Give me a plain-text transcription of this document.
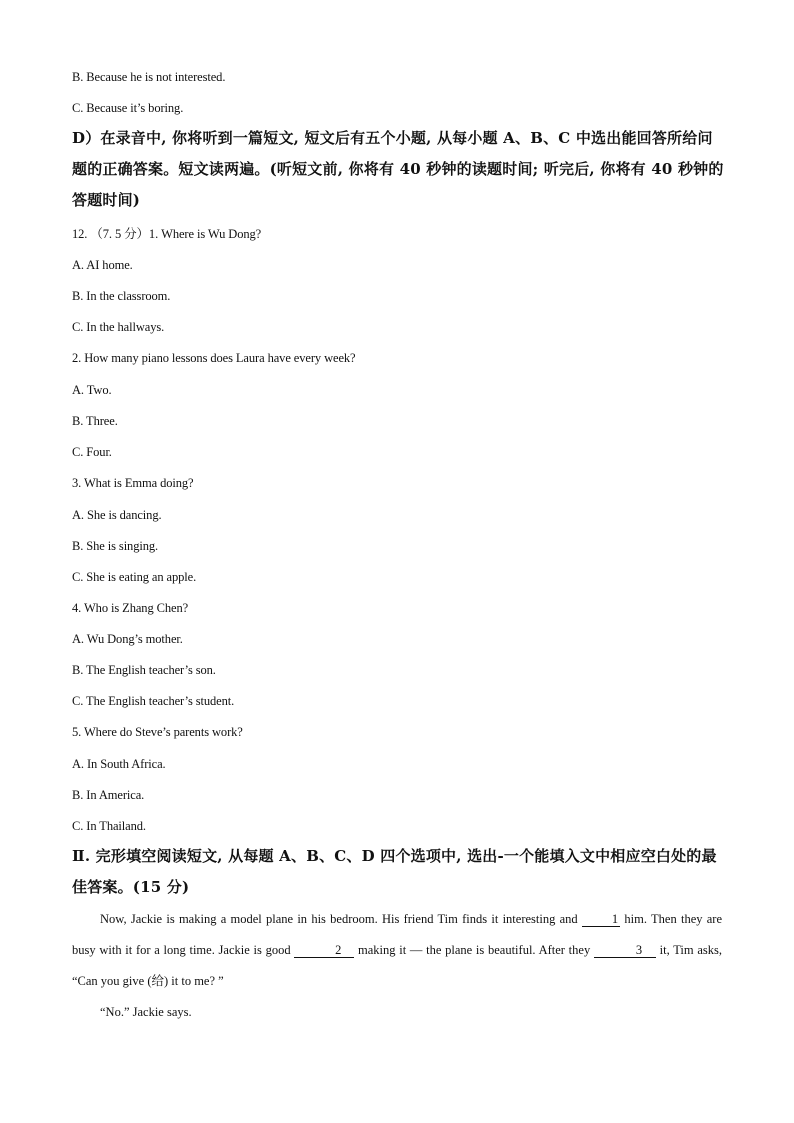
B. Because he is not interested.
C. Because it’s boring.
D）在录音中, 你将听到一篇短文, 短文后有五个小题, 从每小题 A、B、C 中选出能回答所给问题的正确答案。短文读两遍。(听短文前, 你将有 40 秒钟的读题时间; 听完后, 你将有 40 秒钟的答题时间)
12. （7. 5 分）1. Where is Wu Dong?
A. AI home.
B. In the classroom.
C. In the hallways.
2. How many piano lessons does Laura have every week?
A. Two.
B. Three.
C. Four.
3. What is Emma doing?
A. She is dancing.
B. She is singing.
C. She is eating an apple.
4. Who is Zhang Chen?
A. Wu Dong’s mother.
B. The English teacher’s son.
C. The English teacher’s student.
5. Where do Steve’s parents work?
A. In South Africa.
B. In America.
C. In Thailand.
Ⅱ. 完形填空阅读短文, 从每题 A、B、C、D 四个选项中, 选出-一个能填入文中相应空白处的最佳答案。(15 分)
Now, Jackie is making a model plane in his bedroom. His friend Tim finds it interesting and 1 him. Then they are busy with it for a long time. Jackie is good	2 making it — the plane is beautiful. After they	3 it, Tim asks, “Can you give (给) it to me? ”
“No.” Jackie says.
